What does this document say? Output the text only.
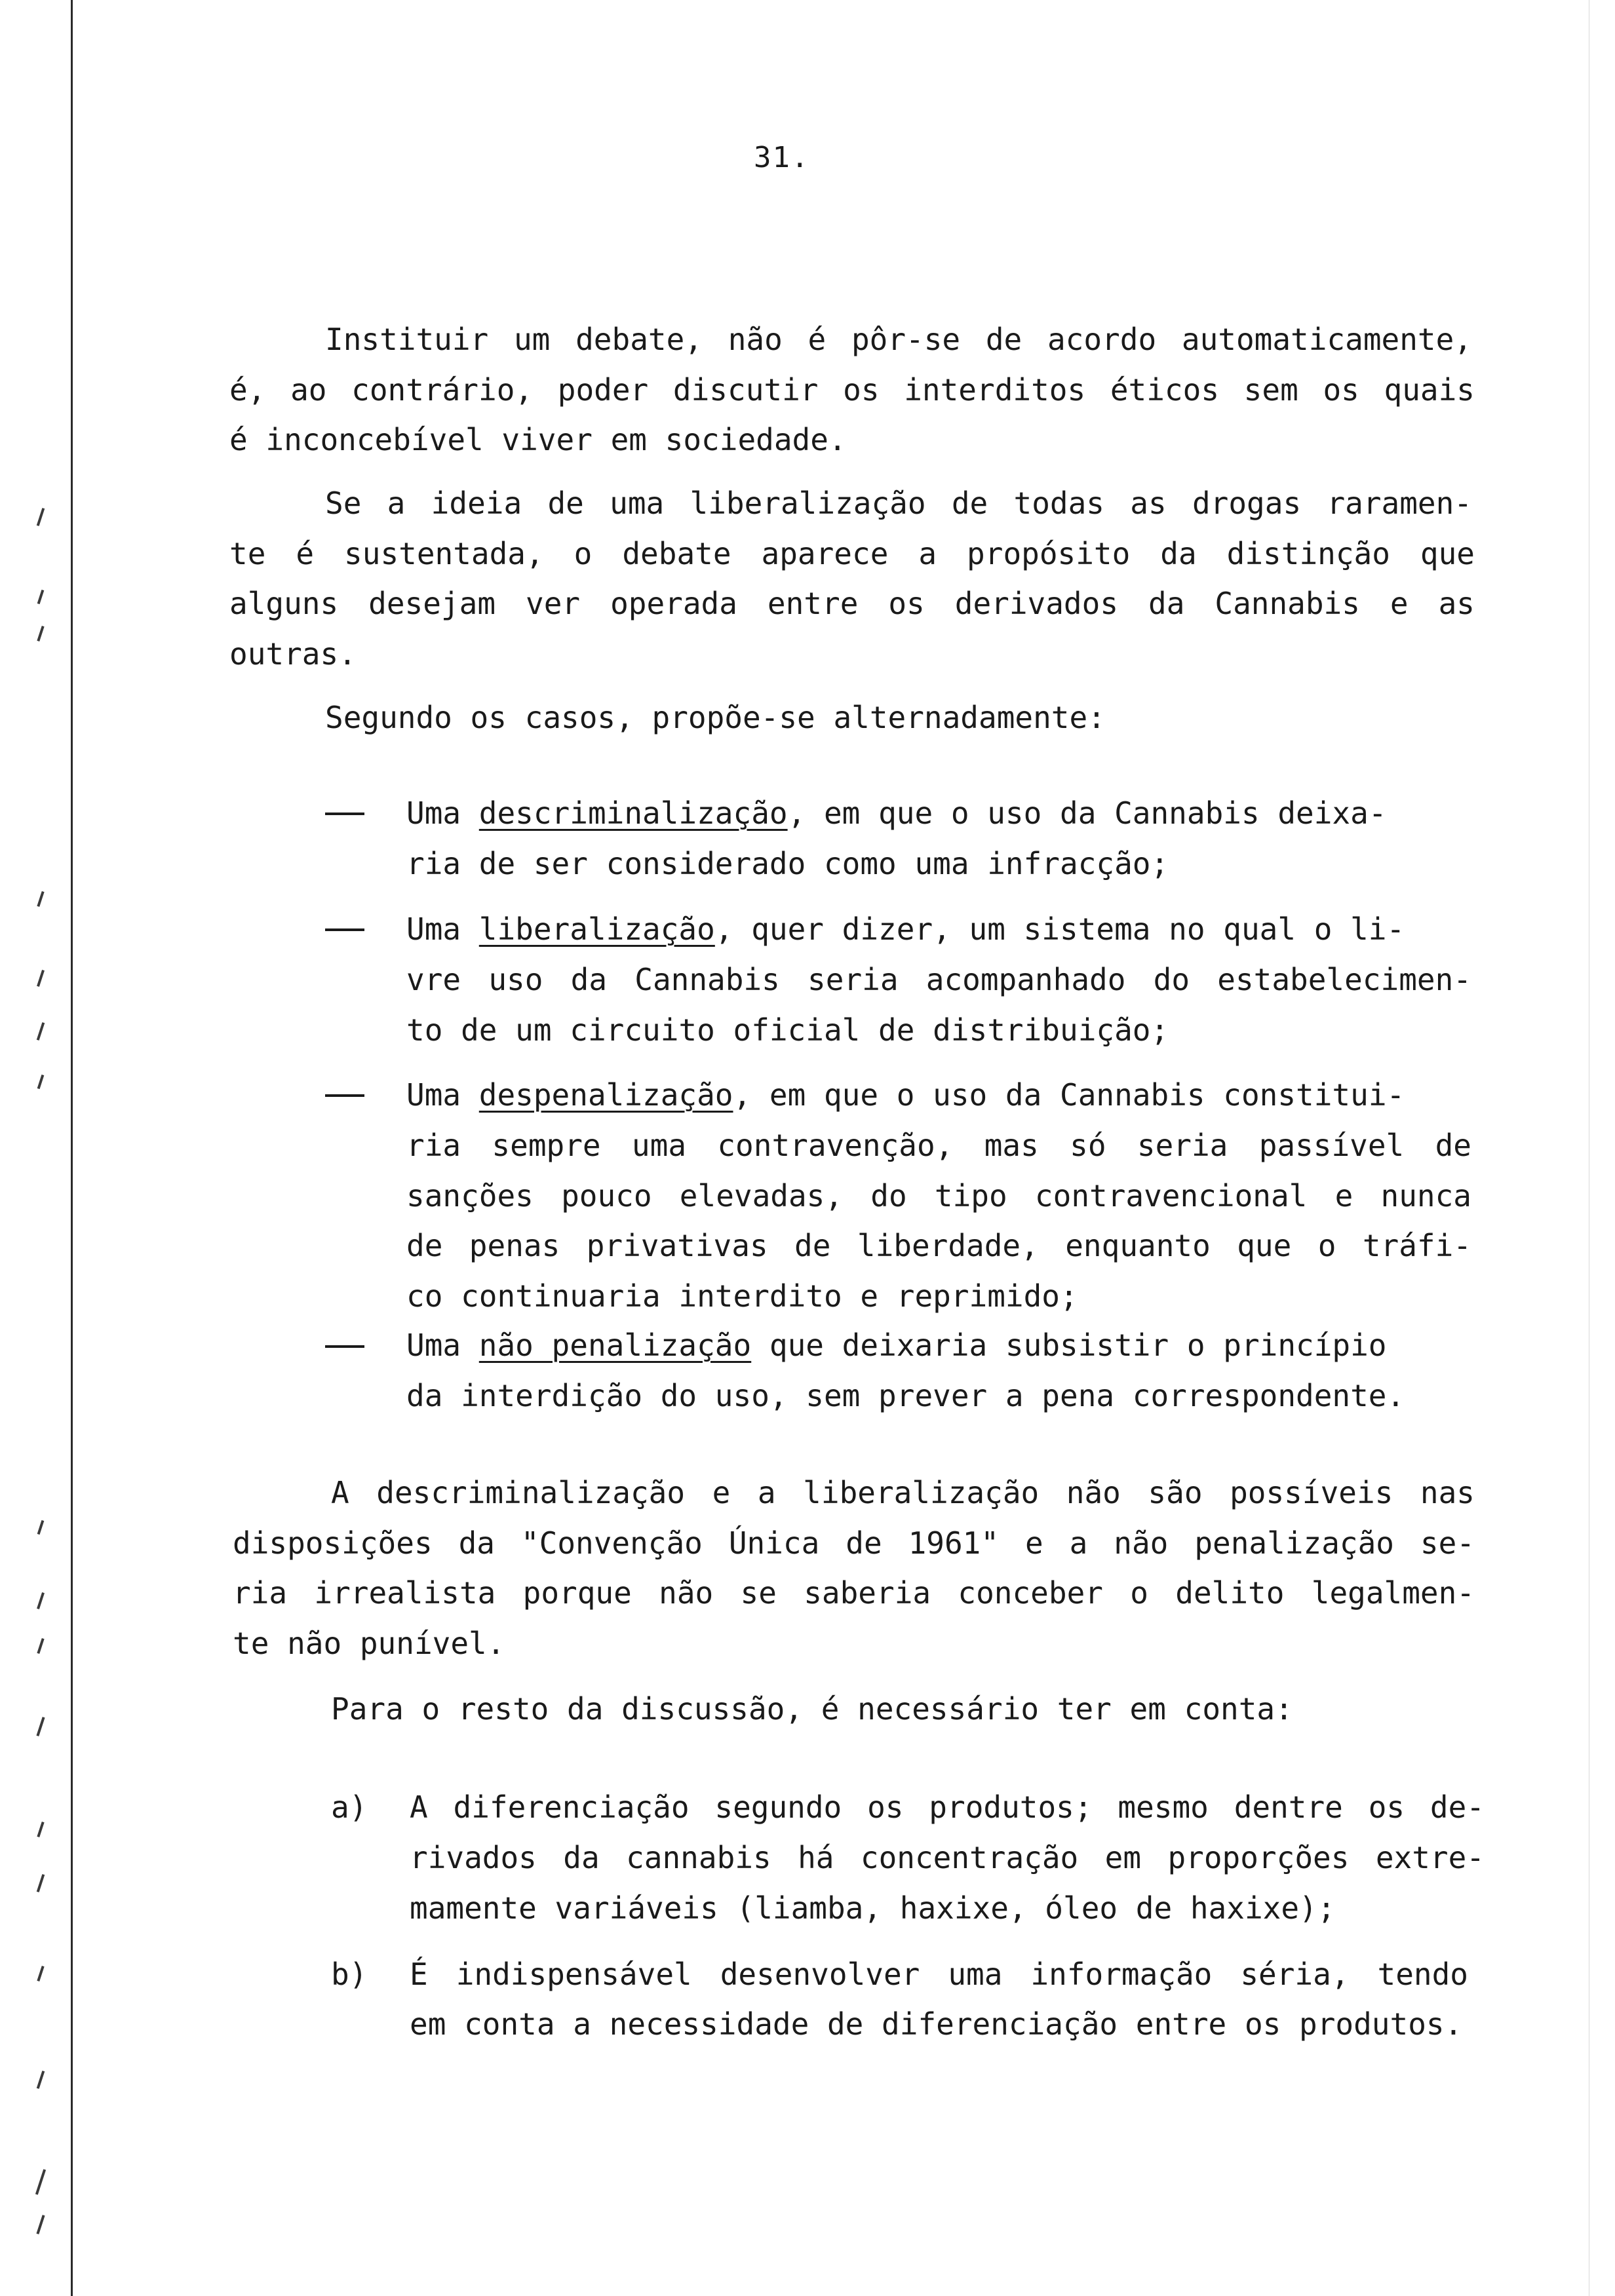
31.
Instituir um debate, não é pôr-se de acordo automaticamente,
é, ao contrário, poder discutir os interditos éticos sem os quais
é inconcebível viver em sociedade.
Se a ideia de uma liberalização de todas as drogas raramen-
te é sustentada, o debate aparece a propósito da distinção que
alguns desejam ver operada entre os derivados da Cannabis e as
outras.
Segundo os casos, propõe-se alternadamente:
Uma descriminalização, em que o uso da Cannabis deixa-
ria de ser considerado como uma infracção;
Uma liberalização, quer dizer, um sistema no qual o li-
vre uso da Cannabis seria acompanhado do estabelecimen-
to de um circuito oficial de distribuição;
Uma despenalização, em que o uso da Cannabis constitui-
ria sempre uma contravenção, mas só seria passível de
sanções pouco elevadas, do tipo contravencional e nunca
de penas privativas de liberdade, enquanto que o tráfi-
co continuaria interdito e reprimido;
Uma não penalização que deixaria subsistir o princípio
da interdição do uso, sem prever a pena correspondente.
A descriminalização e a liberalização não são possíveis nas
disposições da "Convenção Única de 1961" e a não penalização se-
ria irrealista porque não se saberia conceber o delito legalmen-
te não punível.
Para o resto da discussão, é necessário ter em conta:
a) A diferenciação segundo os produtos; mesmo dentre os de-
rivados da cannabis há concentração em proporções extre-
mamente variáveis (liamba, haxixe, óleo de haxixe);
b) É indispensável desenvolver uma informação séria, tendo
em conta a necessidade de diferenciação entre os produtos.
